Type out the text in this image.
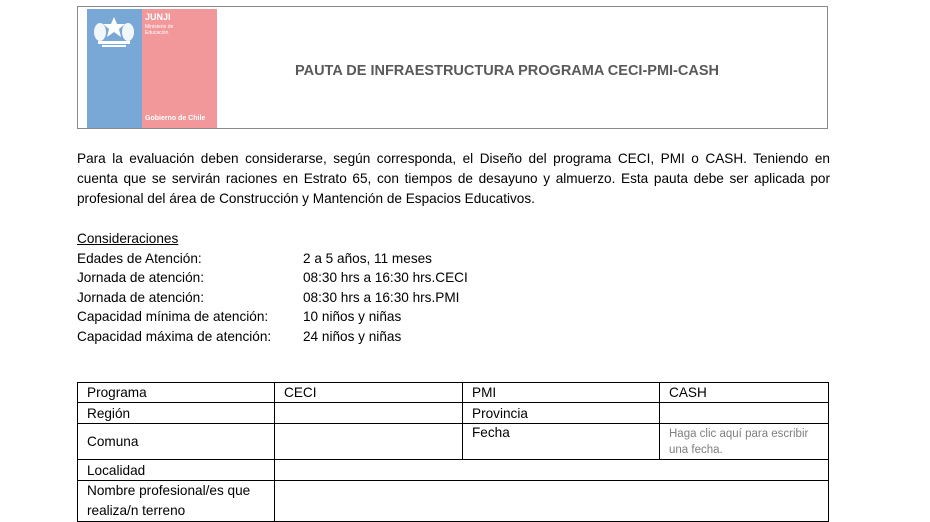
JUNJI
Ministerio de Educación
Gobierno de Chile
PAUTA DE INFRAESTRUCTURA PROGRAMA CECI-PMI-CASH
Para la evaluación deben considerarse, según corresponda, el Diseño del programa CECI, PMI o CASH. Teniendo en cuenta que se servirán raciones en Estrato 65, con tiempos de desayuno y almuerzo. Esta pauta debe ser aplicada por profesional del área de Construcción y Mantención de Espacios Educativos.
Consideraciones
Edades de Atención:	2 a 5 años, 11 meses
Jornada de atención:	08:30 hrs a 16:30 hrs.CECI
Jornada de atención:	08:30 hrs a 16:30 hrs.PMI
Capacidad mínima de atención:	10 niños y niñas
Capacidad máxima de atención:	24 niños y niñas
Programa	CECI	PMI	CASH
Región		Provincia	
Comuna		Fecha	Haga clic aquí para escribir una fecha.

Localidad			
Nombre profesional/es que realiza/n terreno			
